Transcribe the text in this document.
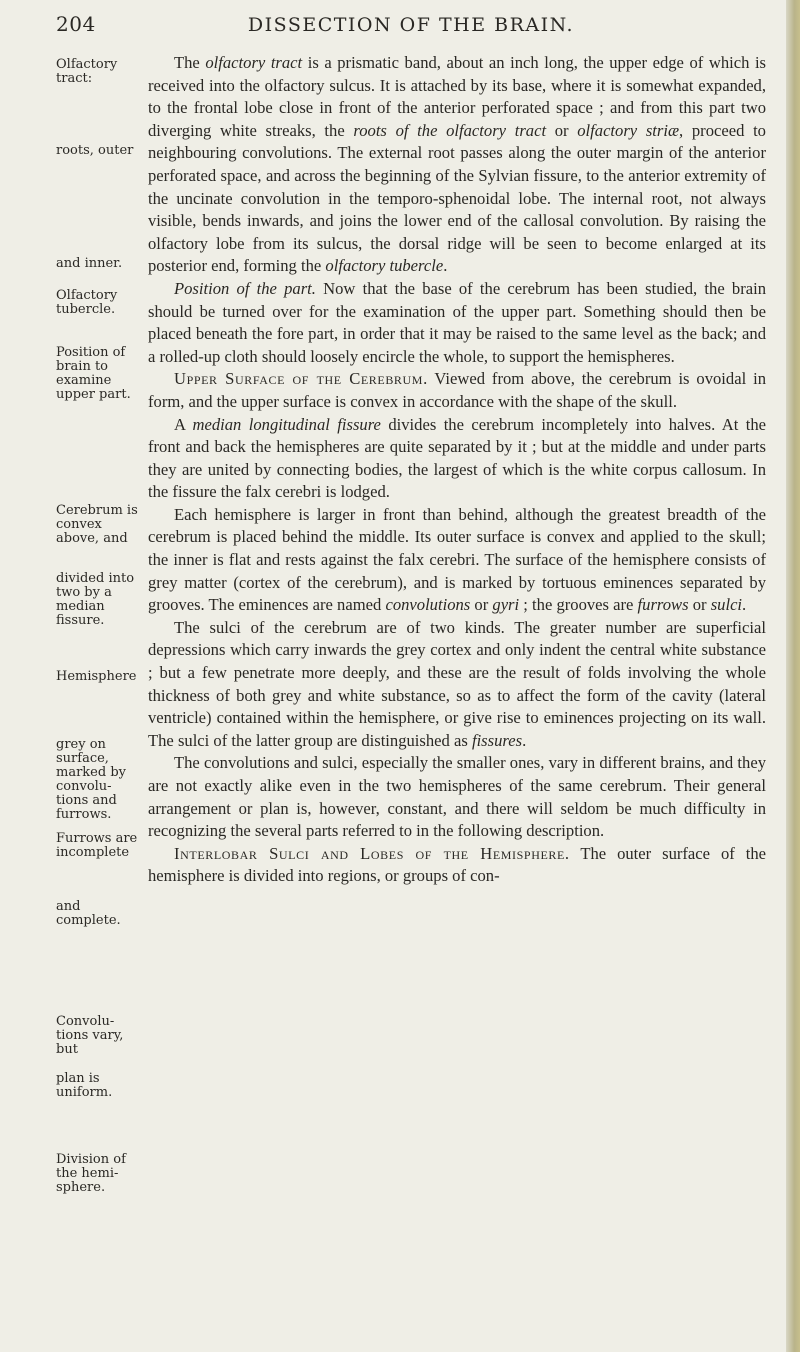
204	DISSECTION OF THE BRAIN.
Olfactory tract:
roots, outer
and inner.
Olfactory tubercle.
Position of brain to examine upper part.
Cerebrum is convex above, and
divided into two by a median fissure.
Hemisphere
grey on surface, marked by convolu- tions and furrows.
Furrows are incomplete
and complete.
Convolu- tions vary, but
plan is uniform.
Division of the hemi- sphere.

The olfactory tract is a prismatic band, about an inch long, the upper edge of which is received into the olfactory sulcus. It is attached by its base, where it is somewhat expanded, to the frontal lobe close in front of the anterior perforated space ; and from this part two diverging white streaks, the roots of the olfactory tract or olfactory striæ, proceed to neighbouring convolutions. The external root passes along the outer margin of the anterior perforated space, and across the beginning of the Sylvian fissure, to the anterior extremity of the uncinate convolution in the temporo-sphenoidal lobe. The internal root, not always visible, bends inwards, and joins the lower end of the callosal convolution. By raising the olfactory lobe from its sulcus, the dorsal ridge will be seen to become enlarged at its posterior end, forming the olfactory tubercle.

Position of the part. Now that the base of the cerebrum has been studied, the brain should be turned over for the examination of the upper part. Something should then be placed beneath the fore part, in order that it may be raised to the same level as the back; and a rolled-up cloth should loosely encircle the whole, to support the hemispheres.

Upper Surface of the Cerebrum. Viewed from above, the cerebrum is ovoidal in form, and the upper surface is convex in accordance with the shape of the skull.

A median longitudinal fissure divides the cerebrum incompletely into halves. At the front and back the hemispheres are quite separated by it ; but at the middle and under parts they are united by connecting bodies, the largest of which is the white corpus callosum. In the fissure the falx cerebri is lodged.

Each hemisphere is larger in front than behind, although the greatest breadth of the cerebrum is placed behind the middle. Its outer surface is convex and applied to the skull; the inner is flat and rests against the falx cerebri. The surface of the hemisphere consists of grey matter (cortex of the cerebrum), and is marked by tortuous eminences separated by grooves. The eminences are named convolutions or gyri ; the grooves are furrows or sulci.

The sulci of the cerebrum are of two kinds. The greater number are superficial depressions which carry inwards the grey cortex and only indent the central white substance ; but a few penetrate more deeply, and these are the result of folds involving the whole thickness of both grey and white substance, so as to affect the form of the cavity (lateral ventricle) contained within the hemisphere, or give rise to eminences projecting on its wall. The sulci of the latter group are distinguished as fissures.

The convolutions and sulci, especially the smaller ones, vary in different brains, and they are not exactly alike even in the two hemispheres of the same cerebrum. Their general arrangement or plan is, however, constant, and there will seldom be much difficulty in recognizing the several parts referred to in the following description.

Interlobar Sulci and Lobes of the Hemisphere. The outer surface of the hemisphere is divided into regions, or groups of con-
